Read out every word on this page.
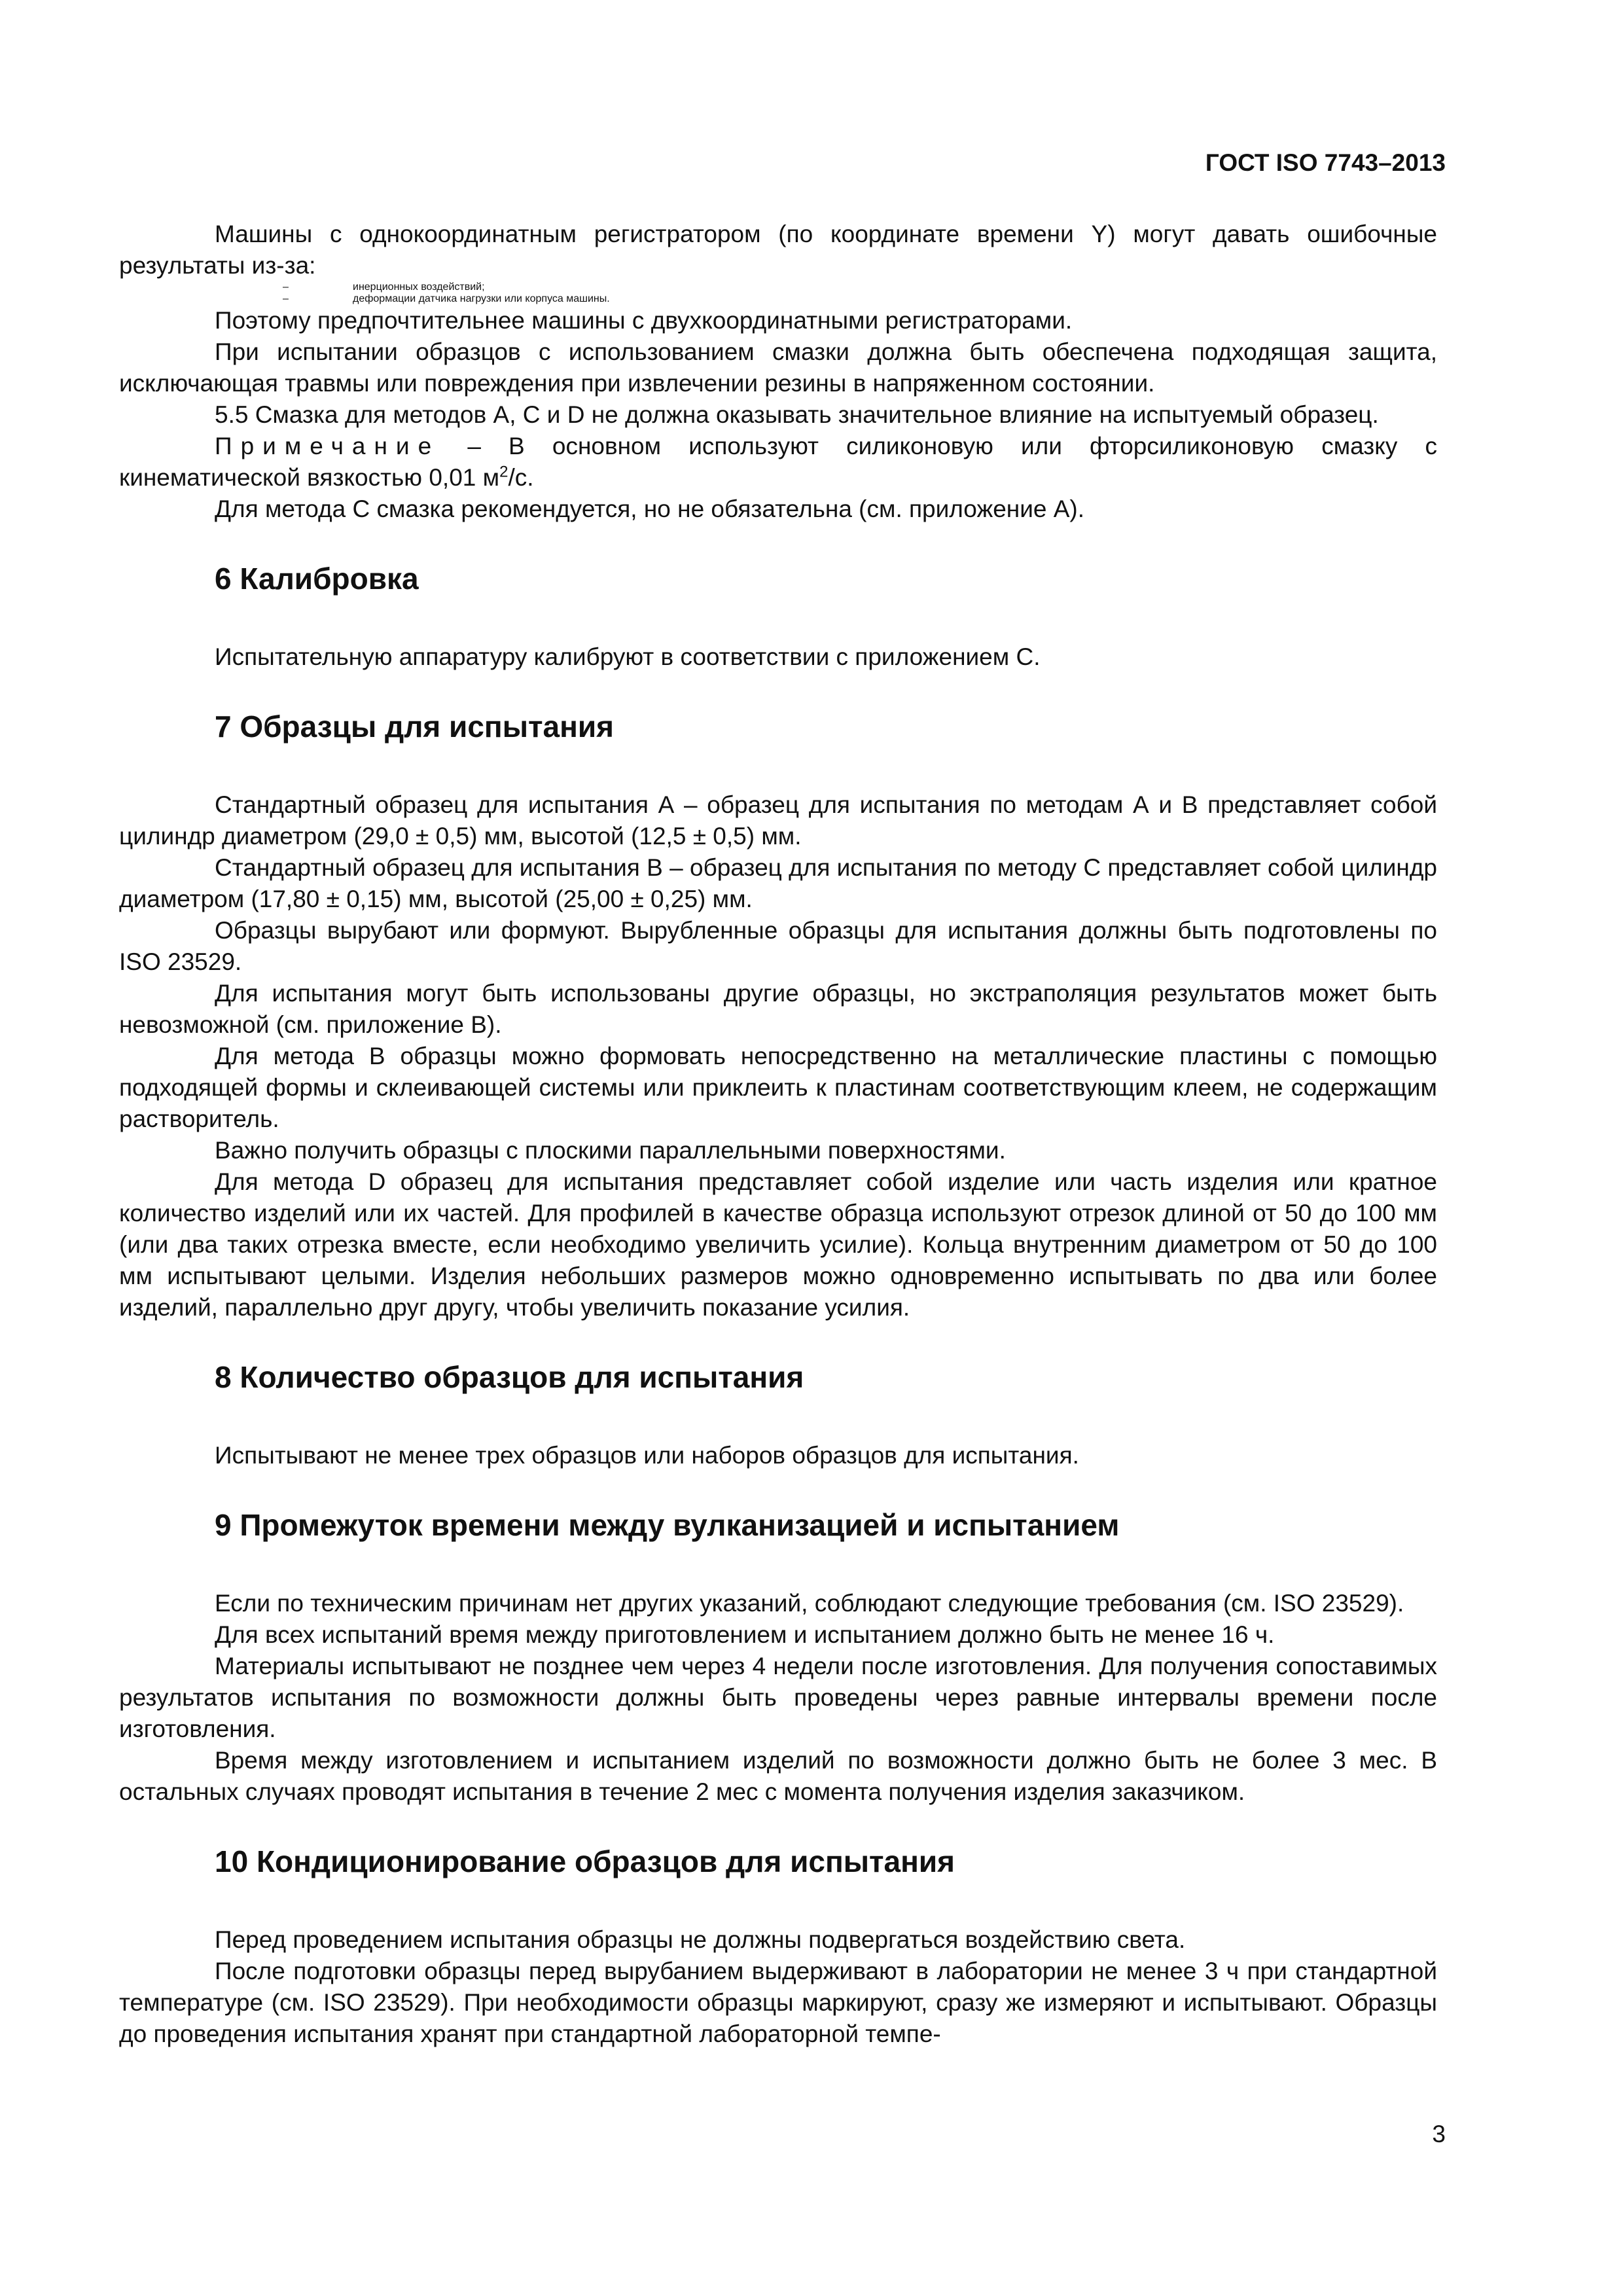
ГОСТ ISO 7743–2013

Машины с однокоординатным регистратором (по координате времени Y) могут давать ошибочные результаты из-за:

–	инерционных воздействий;
–	деформации датчика нагрузки или корпуса машины.

Поэтому предпочтительнее машины с двухкоординатными регистраторами.

При испытании образцов с использованием смазки должна быть обеспечена подходящая защита, исключающая травмы или повреждения при извлечении резины в напряженном состоянии.

5.5 Смазка для методов А, С и D не должна оказывать значительное влияние на испытуемый образец.

Примечание – В основном используют силиконовую или фторсиликоновую смазку с кинематической вязкостью 0,01 $м^2/с$.

Для метода С смазка рекомендуется, но не обязательна (см. приложение А).

6 Калибровка

Испытательную аппаратуру калибруют в соответствии с приложением С.

7 Образцы для испытания

Стандартный образец для испытания А – образец для испытания по методам А и В представляет собой цилиндр диаметром (29,0 ± 0,5) мм, высотой (12,5 ± 0,5) мм.

Стандартный образец для испытания В – образец для испытания по методу С представляет собой цилиндр диаметром (17,80 ± 0,15) мм, высотой (25,00 ± 0,25) мм.

Образцы вырубают или формуют. Вырубленные образцы для испытания должны быть подготовлены по ISO 23529.

Для испытания могут быть использованы другие образцы, но экстраполяция результатов может быть невозможной (см. приложение В).

Для метода В образцы можно формовать непосредственно на металлические пластины с помощью подходящей формы и склеивающей системы или приклеить к пластинам соответствующим клеем, не содержащим растворитель.

Важно получить образцы с плоскими параллельными поверхностями.

Для метода D образец для испытания представляет собой изделие или часть изделия или кратное количество изделий или их частей. Для профилей в качестве образца используют отрезок длиной от 50 до 100 мм (или два таких отрезка вместе, если необходимо увеличить усилие). Кольца внутренним диаметром от 50 до 100 мм испытывают целыми. Изделия небольших размеров можно одновременно испытывать по два или более изделий, параллельно друг другу, чтобы увеличить показание усилия.

8 Количество образцов для испытания

Испытывают не менее трех образцов или наборов образцов для испытания.

9 Промежуток времени между вулканизацией и испытанием

Если по техническим причинам нет других указаний, соблюдают следующие требования (см. ISO 23529).

Для всех испытаний время между приготовлением и испытанием должно быть не менее 16 ч.

Материалы испытывают не позднее чем через 4 недели после изготовления. Для получения сопоставимых результатов испытания по возможности должны быть проведены через равные интервалы времени после изготовления.

Время между изготовлением и испытанием изделий по возможности должно быть не более 3 мес. В остальных случаях проводят испытания в течение 2 мес с момента получения изделия заказчиком.

10 Кондиционирование образцов для испытания

Перед проведением испытания образцы не должны подвергаться воздействию света.

После подготовки образцы перед вырубанием выдерживают в лаборатории не менее 3 ч при стандартной температуре (см. ISO 23529). При необходимости образцы маркируют, сразу же измеряют и испытывают. Образцы до проведения испытания хранят при стандартной лабораторной темпе-

3
